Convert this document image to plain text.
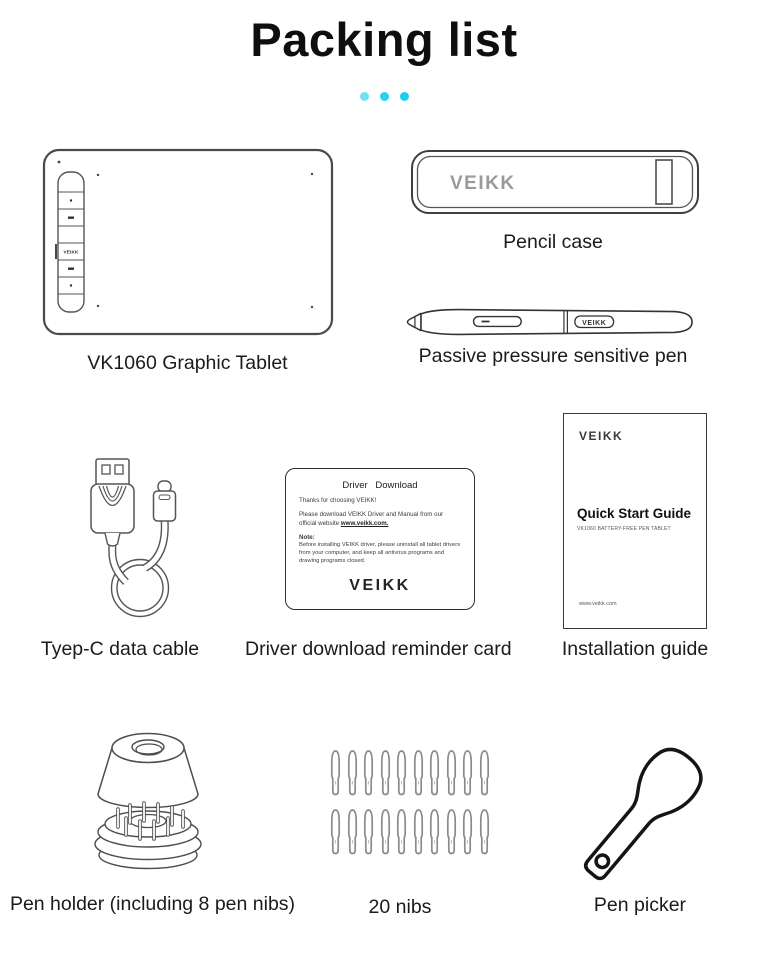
Packing list
VEIKK
VK1060 Graphic Tablet
VEIKK
Pencil case
VEIKK
Passive pressure sensitive pen
Tyep-C data cable
Driver Download
Thanks for choosing VEIKK!
Please download VEIKK Driver and Manual from our official website www.veikk.com.
Note:
Before installing VEIKK driver, please uninstall all tablet drivers from your computer, and keep all antivirus programs and drawing programs closed.
VEIKK
Driver download reminder card
VEIKK
Quick Start Guide
VK1060 BATTERY-FREE PEN TABLET
www.veikk.com
Installation guide
Pen holder (including 8 pen nibs)	20 nibs	Pen picker
